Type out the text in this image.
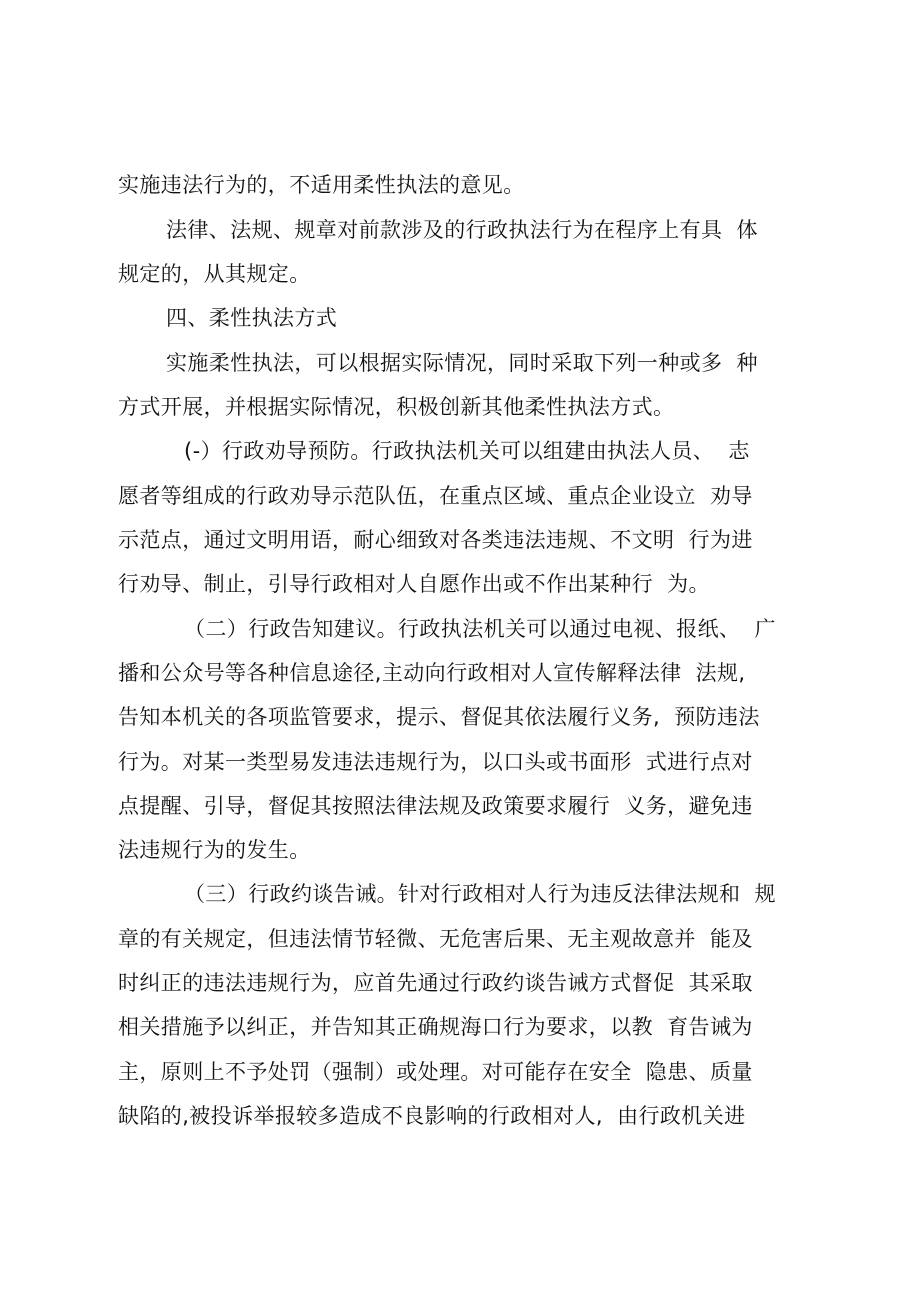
实施违法行为的，不适用柔性执法的意见。
法律、法规、规章对前款涉及的行政执法行为在程序上有具  体
规定的，从其规定。
四、柔性执法方式
实施柔性执法，可以根据实际情况，同时采取下列一种或多  种
方式开展，并根据实际情况，积极创新其他柔性执法方式。
(-）行政劝导预防。行政执法机关可以组建由执法人员、  志
愿者等组成的行政劝导示范队伍，在重点区域、重点企业设立  劝导
示范点，通过文明用语，耐心细致对各类违法违规、不文明  行为进
行劝导、制止，引导行政相对人自愿作出或不作出某种行  为。
（二）行政告知建议。行政执法机关可以通过电视、报纸、  广
播和公众号等各种信息途径,主动向行政相对人宣传解释法律  法规,
告知本机关的各项监管要求，提示、督促其依法履行义务,  预防违法
行为。对某一类型易发违法违规行为，以口头或书面形  式进行点对
点提醒、引导，督促其按照法律法规及政策要求履行  义务，避免违
法违规行为的发生。
（三）行政约谈告诫。针对行政相对人行为违反法律法规和  规
章的有关规定，但违法情节轻微、无危害后果、无主观故意并  能及
时纠正的违法违规行为，应首先通过行政约谈告诫方式督促  其采取
相关措施予以纠正，并告知其正确规海口行为要求，以教  育告诫为
主，原则上不予处罚（强制）或处理。对可能存在安全  隐患、质量
缺陷的,被投诉举报较多造成不良影响的行政相对人,  由行政机关进
